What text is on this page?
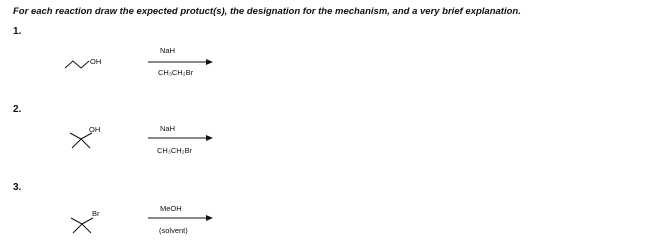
For each reaction draw the expected protuct(s), the designation for the mechanism, and a very brief explanation.
1.
OH
NaH
CH₃CH₂Br
2.
OH	NaH
CH₃CH₂Br
3.
Br
MeOH
(solvent)
